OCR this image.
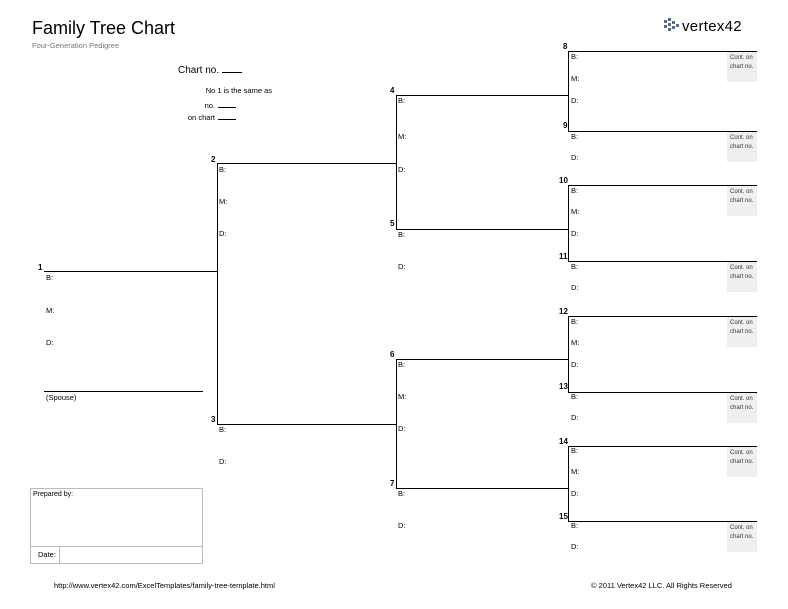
Family Tree Chart
Four-Generation Pedigree
vertex42
Chart no.
No 1 is the same as
no.
on chart
1
B:
M:
D:
(Spouse)
2
B:
M:
D:
3
B:
D:
4
B:
M:
D:
5
B:
D:
6
B:
M:
D:
7
B:
D:
8
B:
M:
D:
Cont. on
chart no.
9
B:
D:
Cont. on
chart no.
10
B:
M:
D:
Cont. on
chart no.
11
B:
D:
Cont. on
chart no.
12
B:
M:
D:
Cont. on
chart no.
13
B:
D:
Cont. on
chart no.
14
B:
M:
D:
Cont. on
chart no.
15
B:
D:
Cont. on
chart no.
Prepared by:
Date:
http://www.vertex42.com/ExcelTemplates/family-tree-template.html	© 2011 Vertex42 LLC. All Rights Reserved
